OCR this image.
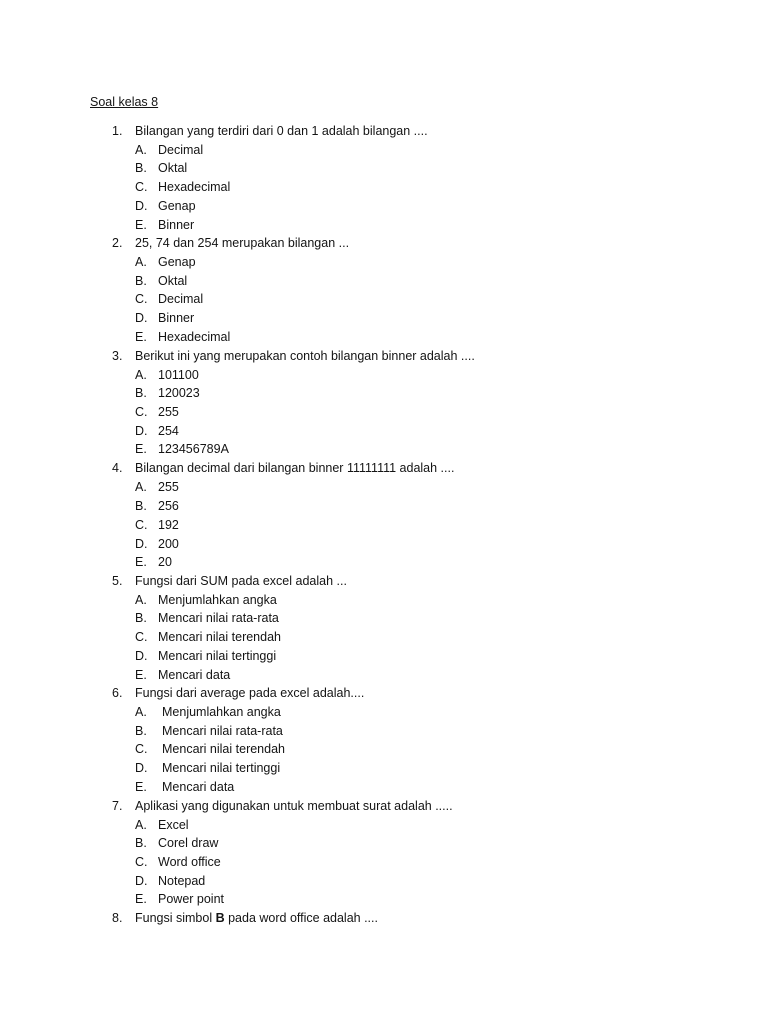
Soal kelas 8
1. Bilangan yang terdiri dari 0 dan 1 adalah bilangan ....
A. Decimal
B. Oktal
C. Hexadecimal
D. Genap
E. Binner
2. 25, 74 dan 254 merupakan bilangan ...
A. Genap
B. Oktal
C. Decimal
D. Binner
E. Hexadecimal
3. Berikut ini yang merupakan contoh bilangan binner adalah ....
A. 101100
B. 120023
C. 255
D. 254
E. 123456789A
4. Bilangan decimal dari bilangan binner 11111111 adalah ....
A. 255
B. 256
C. 192
D. 200
E. 20
5. Fungsi dari SUM pada excel adalah ...
A. Menjumlahkan angka
B. Mencari nilai rata-rata
C. Mencari nilai terendah
D. Mencari nilai tertinggi
E. Mencari data
6. Fungsi dari average pada excel adalah....
A. Menjumlahkan angka
B. Mencari nilai rata-rata
C. Mencari nilai terendah
D. Mencari nilai tertinggi
E. Mencari data
7. Aplikasi yang digunakan untuk membuat surat adalah .....
A. Excel
B. Corel draw
C. Word office
D. Notepad
E. Power point
8. Fungsi simbol B pada word office adalah ....
